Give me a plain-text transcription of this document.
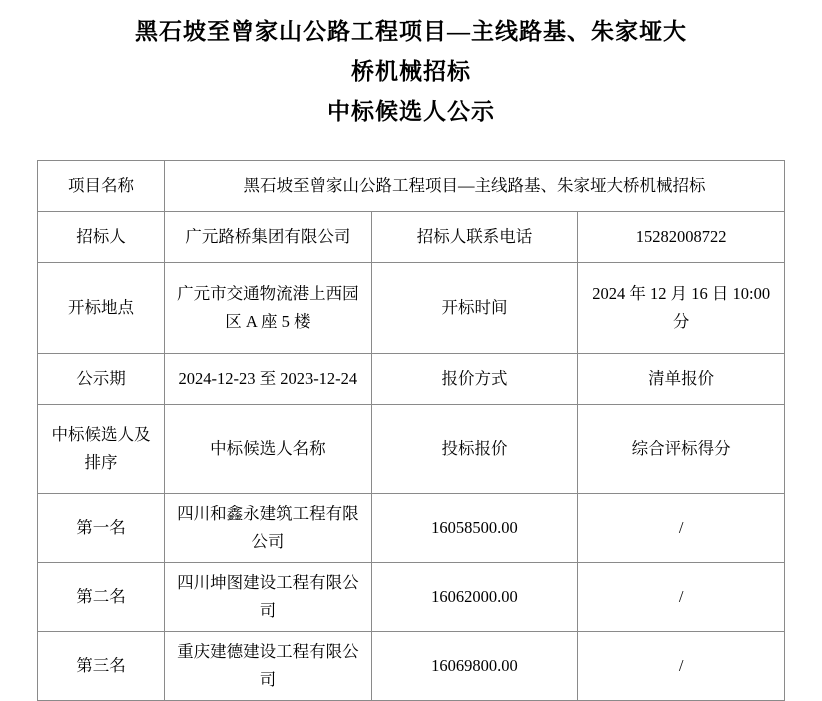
黑石坡至曾家山公路工程项目—主线路基、朱家垭大
桥机械招标
中标候选人公示
项目名称	黑石坡至曾家山公路工程项目—主线路基、朱家垭大桥机械招标		
招标人	广元路桥集团有限公司	招标人联系电话	15282008722
开标地点	广元市交通物流港上西园区 A 座 5 楼	开标时间	2024 年 12 月 16 日 10:00 分
公示期	2024-12-23 至 2023-12-24	报价方式	清单报价
中标候选人及排序	中标候选人名称	投标报价	综合评标得分
第一名	四川和鑫永建筑工程有限公司	16058500.00	/
第二名	四川坤图建设工程有限公司	16062000.00	/
第三名	重庆建德建设工程有限公司	16069800.00	/
